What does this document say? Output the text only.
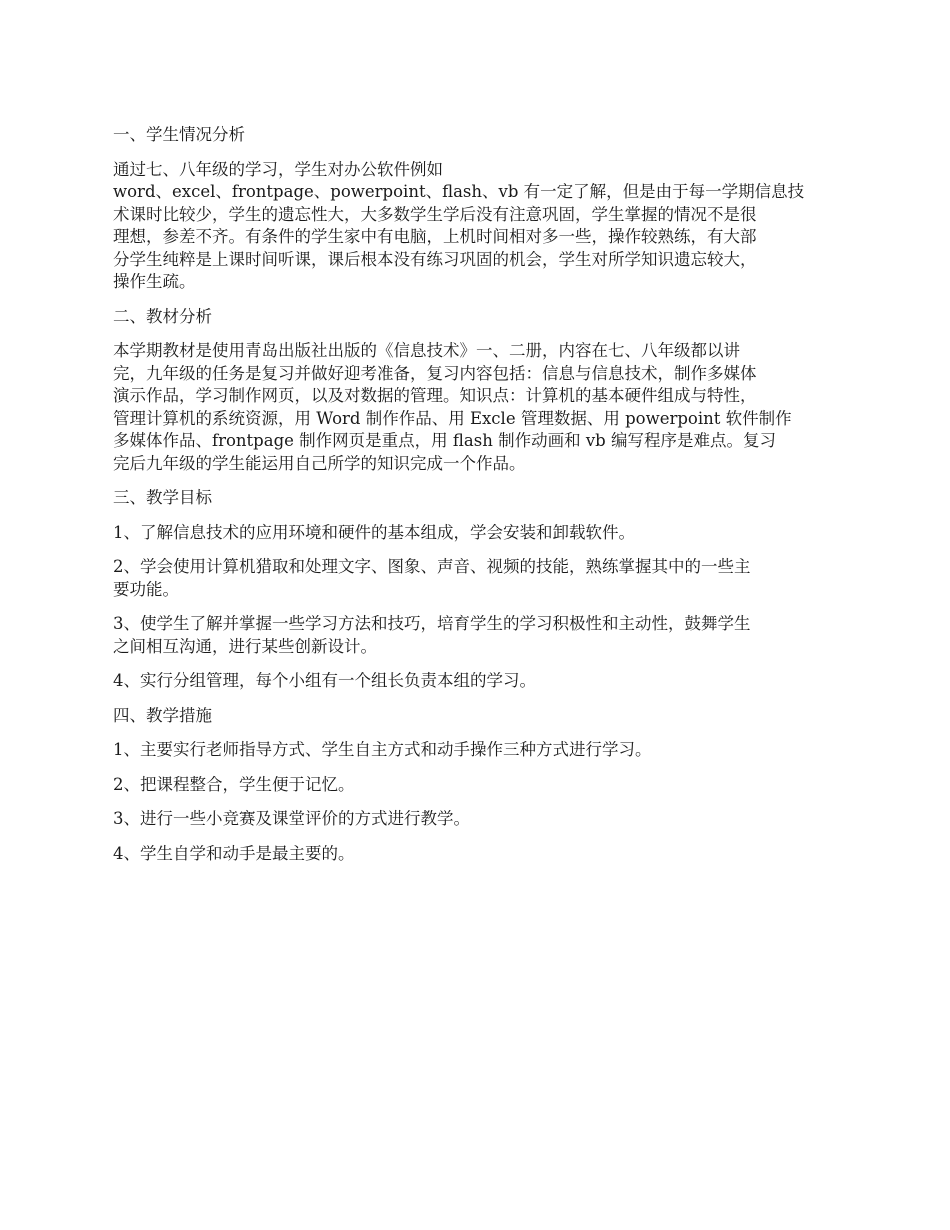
一、学生情况分析

通过七、八年级的学习，学生对办公软件例如
word、excel、frontpage、powerpoint、flash、vb 有一定了解，但是由于每一学期信息技
术课时比较少，学生的遗忘性大，大多数学生学后没有注意巩固，学生掌握的情况不是很
理想，参差不齐。有条件的学生家中有电脑，上机时间相对多一些，操作较熟练，有大部
分学生纯粹是上课时间听课，课后根本没有练习巩固的机会，学生对所学知识遗忘较大，
操作生疏。

二、教材分析

本学期教材是使用青岛出版社出版的《信息技术》一、二册，内容在七、八年级都以讲
完，九年级的任务是复习并做好迎考准备，复习内容包括：信息与信息技术，制作多媒体
演示作品，学习制作网页，以及对数据的管理。知识点：计算机的基本硬件组成与特性，
管理计算机的系统资源，用 Word 制作作品、用 Excle 管理数据、用 powerpoint 软件制作
多媒体作品、frontpage 制作网页是重点，用 flash 制作动画和 vb 编写程序是难点。复习
完后九年级的学生能运用自己所学的知识完成一个作品。

三、教学目标

1、了解信息技术的应用环境和硬件的基本组成，学会安装和卸载软件。

2、学会使用计算机猎取和处理文字、图象、声音、视频的技能，熟练掌握其中的一些主
要功能。

3、使学生了解并掌握一些学习方法和技巧，培育学生的学习积极性和主动性，鼓舞学生
之间相互沟通，进行某些创新设计。

4、实行分组管理，每个小组有一个组长负责本组的学习。

四、教学措施

1、主要实行老师指导方式、学生自主方式和动手操作三种方式进行学习。

2、把课程整合，学生便于记忆。

3、进行一些小竞赛及课堂评价的方式进行教学。

4、学生自学和动手是最主要的。
